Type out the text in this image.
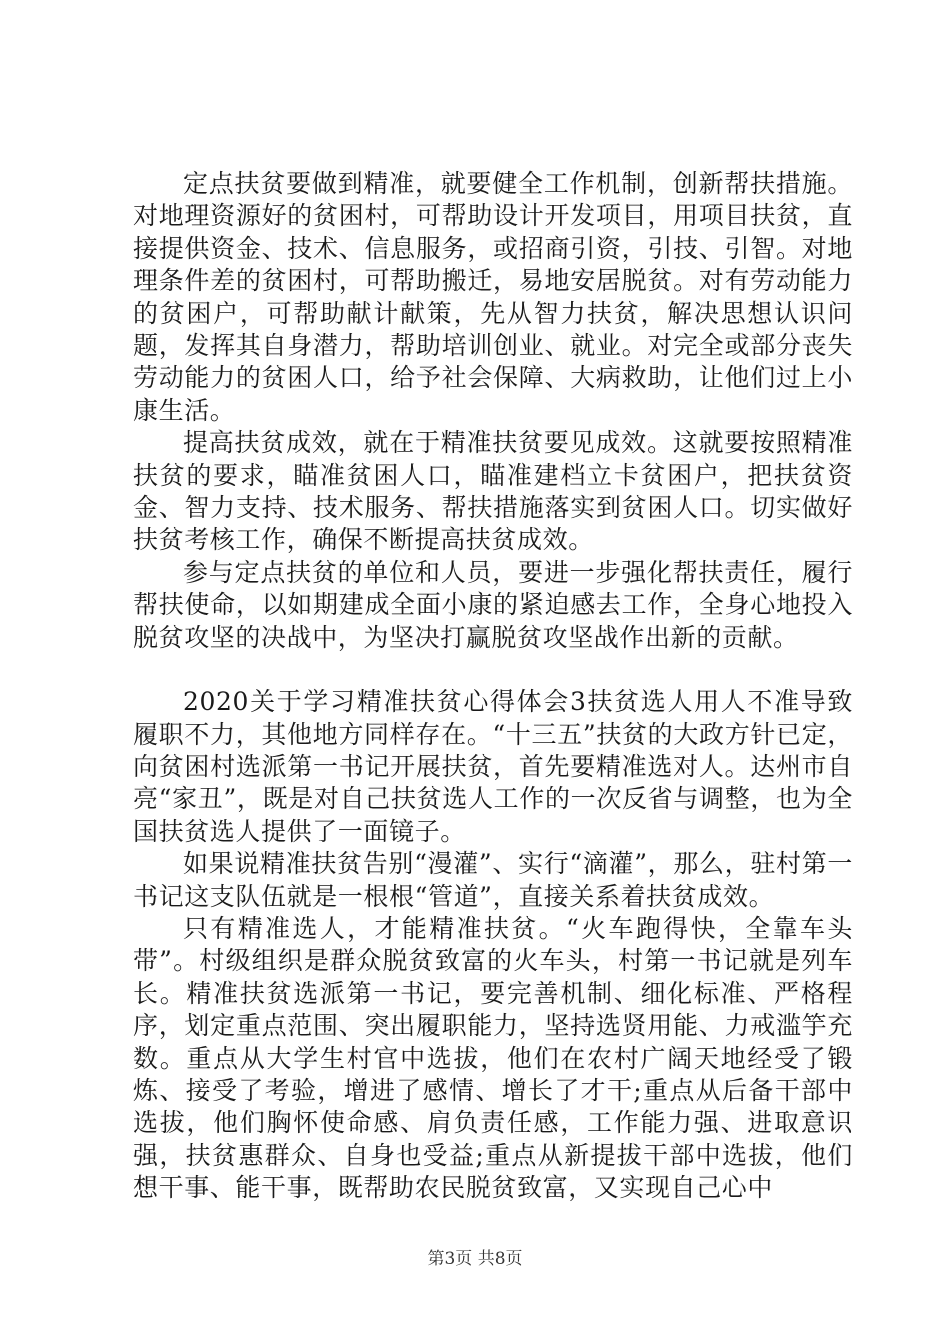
定点扶贫要做到精准，就要健全工作机制，创新帮扶措施。对地理资源好的贫困村，可帮助设计开发项目，用项目扶贫，直接提供资金、技术、信息服务，或招商引资，引技、引智。对地理条件差的贫困村，可帮助搬迁，易地安居脱贫。对有劳动能力的贫困户，可帮助献计献策，先从智力扶贫，解决思想认识问题，发挥其自身潜力，帮助培训创业、就业。对完全或部分丧失劳动能力的贫困人口，给予社会保障、大病救助，让他们过上小康生活。

提高扶贫成效，就在于精准扶贫要见成效。这就要按照精准扶贫的要求，瞄准贫困人口，瞄准建档立卡贫困户，把扶贫资金、智力支持、技术服务、帮扶措施落实到贫困人口。切实做好扶贫考核工作，确保不断提高扶贫成效。

参与定点扶贫的单位和人员，要进一步强化帮扶责任，履行帮扶使命，以如期建成全面小康的紧迫感去工作，全身心地投入脱贫攻坚的决战中，为坚决打赢脱贫攻坚战作出新的贡献。

2020关于学习精准扶贫心得体会3扶贫选人用人不准导致履职不力，其他地方同样存在。“十三五”扶贫的大政方针已定，向贫困村选派第一书记开展扶贫，首先要精准选对人。达州市自亮“家丑”，既是对自己扶贫选人工作的一次反省与调整，也为全国扶贫选人提供了一面镜子。

如果说精准扶贫告别“漫灌”、实行“滴灌”，那么，驻村第一书记这支队伍就是一根根“管道”，直接关系着扶贫成效。

只有精准选人，才能精准扶贫。“火车跑得快，全靠车头带”。村级组织是群众脱贫致富的火车头，村第一书记就是列车长。精准扶贫选派第一书记，要完善机制、细化标准、严格程序，划定重点范围、突出履职能力，坚持选贤用能、力戒滥竽充数。重点从大学生村官中选拔，他们在农村广阔天地经受了锻炼、接受了考验，增进了感情、增长了才干;重点从后备干部中选拔，他们胸怀使命感、肩负责任感，工作能力强、进取意识强，扶贫惠群众、自身也受益;重点从新提拔干部中选拔，他们想干事、能干事，既帮助农民脱贫致富，又实现自己心中

第3页 共8页
